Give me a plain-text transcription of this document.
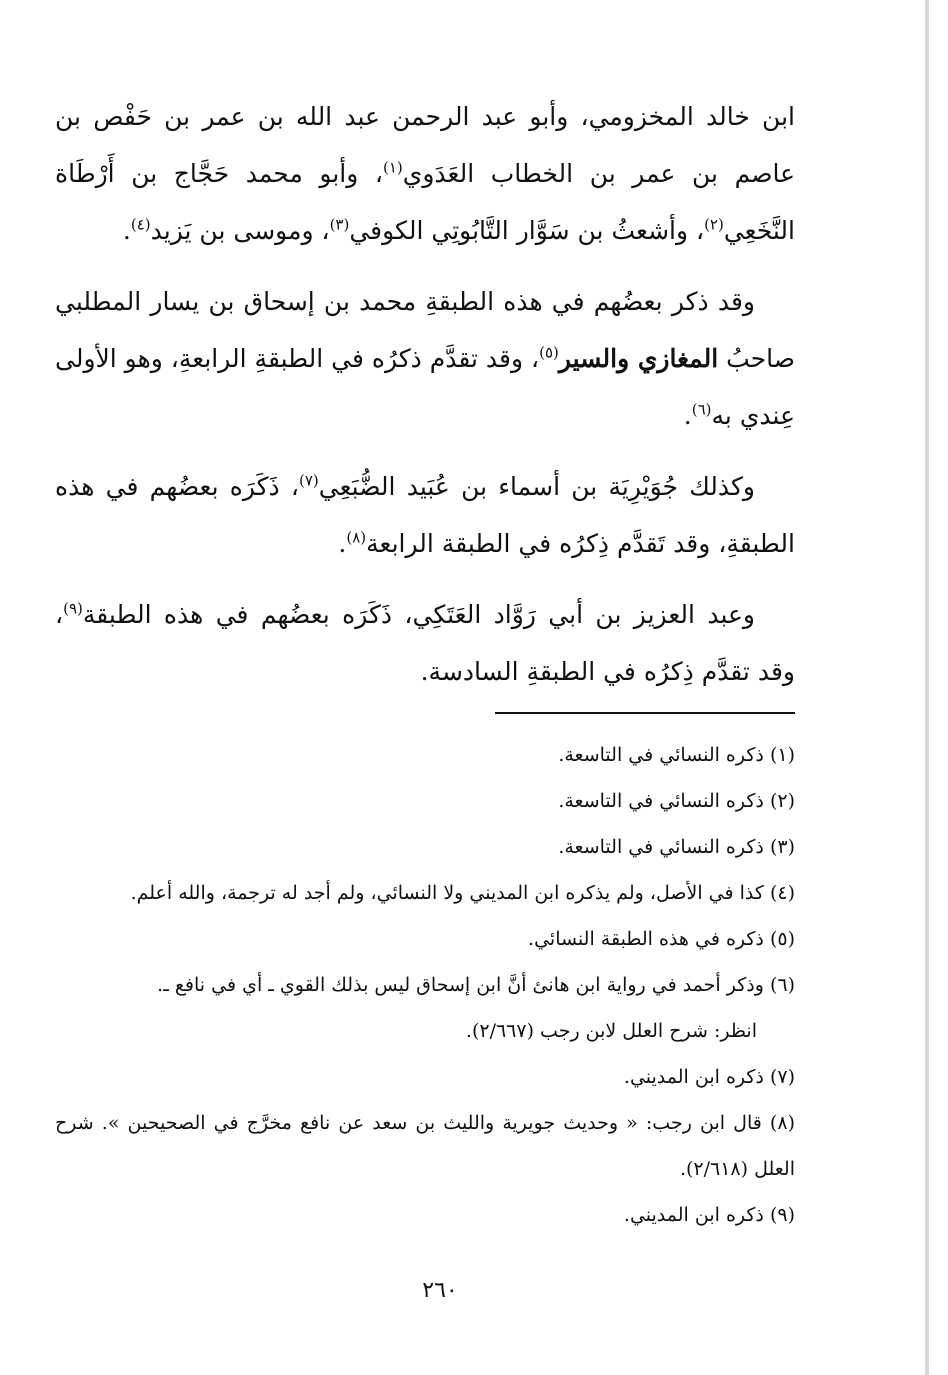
ابن خالد المخزومي، وأبو عبد الرحمن عبد الله بن عمر بن حَفْص بن عاصم بن عمر بن الخطاب العَدَوي$^{(١)}$، وأبو محمد حَجَّاج بن أَرْطَاة النَّخَعِي$^{(٢)}$، وأشعثُ بن سَوَّار التَّابُوتِي الكوفي$^{(٣)}$، وموسى بن يَزيد$^{(٤)}$.

وقد ذكر بعضُهم في هذه الطبقةِ محمد بن إسحاق بن يسار المطلبي صاحبُ المغازي والسير$^{(٥)}$، وقد تقدَّم ذكرُه في الطبقةِ الرابعةِ، وهو الأولى عِندي به$^{(٦)}$.

وكذلك جُوَيْرِيَة بن أسماء بن عُبَيد الضُّبَعِي$^{(٧)}$، ذَكَرَه بعضُهم في هذه الطبقةِ، وقد تَقدَّم ذِكرُه في الطبقة الرابعة$^{(٨)}$.

وعبد العزيز بن أبي رَوَّاد العَتَكِي، ذَكَرَه بعضُهم في هذه الطبقة$^{(٩)}$، وقد تقدَّم ذِكرُه في الطبقةِ السادسة.

(١) ذكره النسائي في التاسعة.
(٢) ذكره النسائي في التاسعة.
(٣) ذكره النسائي في التاسعة.
(٤) كذا في الأصل، ولم يذكره ابن المديني ولا النسائي، ولم أجد له ترجمة، والله أعلم.
(٥) ذكره في هذه الطبقة النسائي.
(٦) وذكر أحمد في رواية ابن هانئ أنَّ ابن إسحاق ليس بذلك القوي ـ أي في نافع ـ.
انظر: شرح العلل لابن رجب (٢/٦٦٧).
(٧) ذكره ابن المديني.
(٨) قال ابن رجب: « وحديث جويرية والليث بن سعد عن نافع مخرَّج في الصحيحين ». شرح العلل (٢/٦١٨).
(٩) ذكره ابن المديني.
٢٦٠
